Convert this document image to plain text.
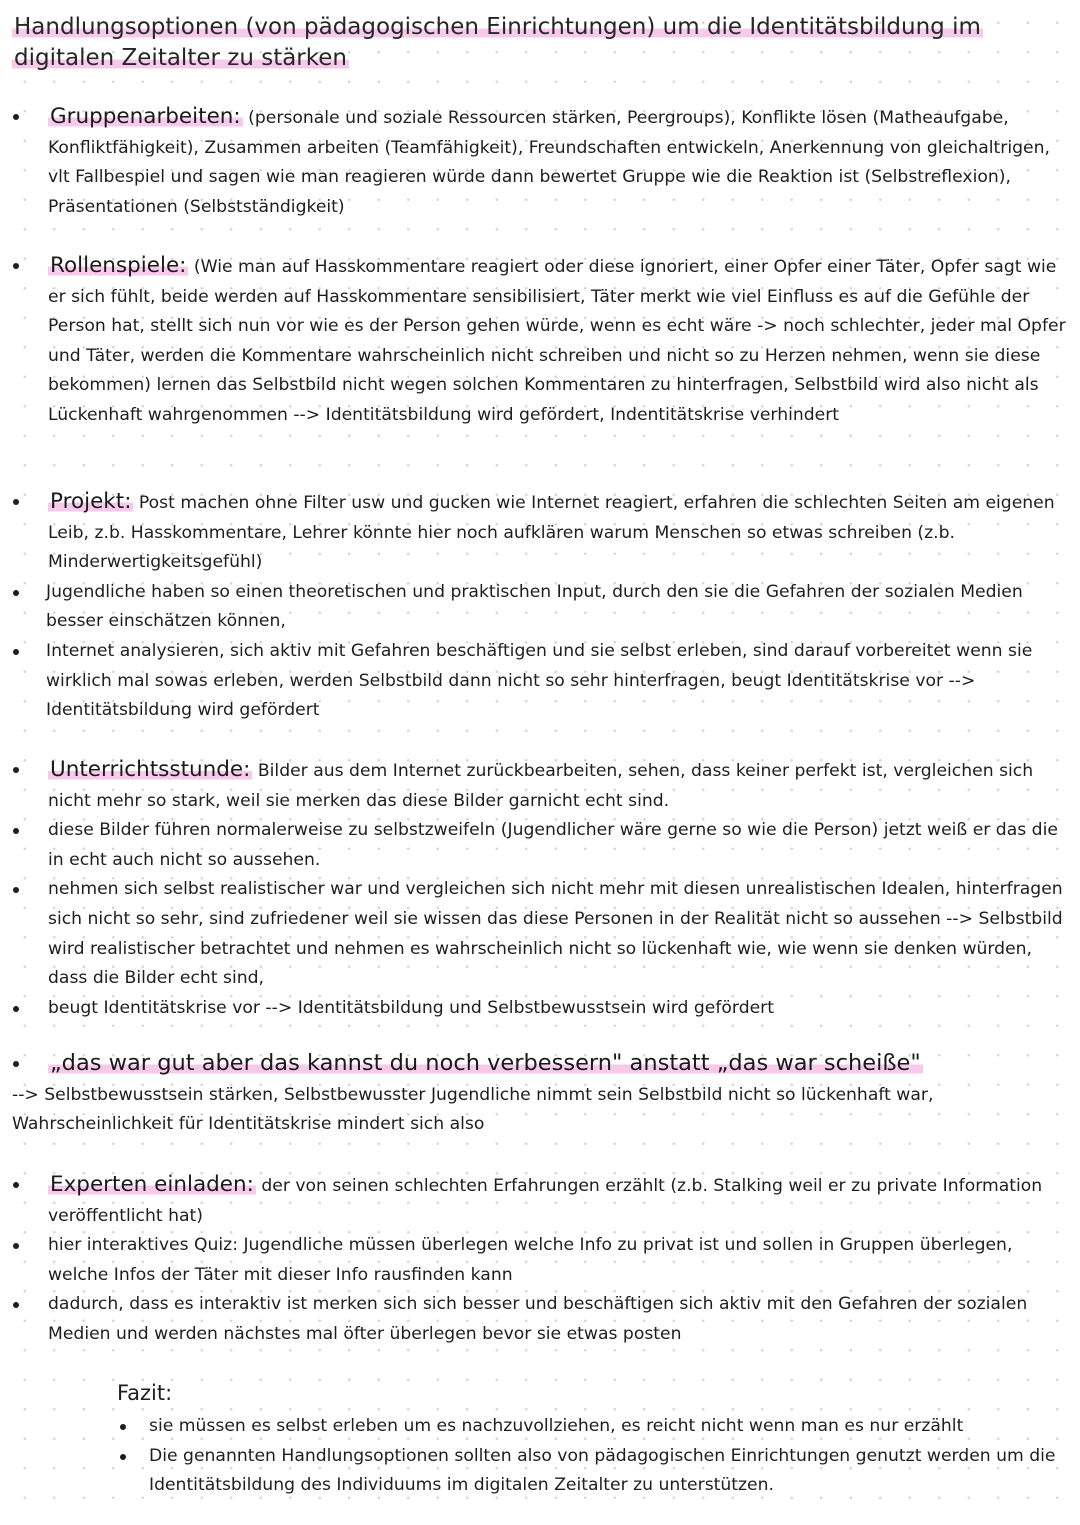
Handlungsoptionen (von pädagogischen Einrichtungen) um die Identitätsbildung im digitalen Zeitalter zu stärken
Gruppenarbeiten: (personale und soziale Ressourcen stärken, Peergroups), Konflikte lösen (Matheaufgabe, Konfliktfähigkeit), Zusammen arbeiten (Teamfähigkeit), Freundschaften entwickeln, Anerkennung von gleichaltrigen, vlt Fallbespiel und sagen wie man reagieren würde dann bewertet Gruppe wie die Reaktion ist (Selbstreflexion), Präsentationen (Selbstständigkeit)
Rollenspiele: (Wie man auf Hasskommentare reagiert oder diese ignoriert, einer Opfer einer Täter, Opfer sagt wie er sich fühlt, beide werden auf Hasskommentare sensibilisiert, Täter merkt wie viel Einfluss es auf die Gefühle der Person hat, stellt sich nun vor wie es der Person gehen würde, wenn es echt wäre -> noch schlechter, jeder mal Opfer und Täter, werden die Kommentare wahrscheinlich nicht schreiben und nicht so zu Herzen nehmen, wenn sie diese bekommen) lernen das Selbstbild nicht wegen solchen Kommentaren zu hinterfragen, Selbstbild wird also nicht als Lückenhaft wahrgenommen --> Identitätsbildung wird gefördert, Indentitätskrise verhindert
Projekt: Post machen ohne Filter usw und gucken wie Internet reagiert, erfahren die schlechten Seiten am eigenen Leib, z.b. Hasskommentare, Lehrer könnte hier noch aufklären warum Menschen so etwas schreiben (z.b. Minderwertigkeitsgefühl)
Jugendliche haben so einen theoretischen und praktischen Input, durch den sie die Gefahren der sozialen Medien besser einschätzen können,
Internet analysieren, sich aktiv mit Gefahren beschäftigen und sie selbst erleben, sind darauf vorbereitet wenn sie wirklich mal sowas erleben, werden Selbstbild dann nicht so sehr hinterfragen, beugt Identitätskrise vor --> Identitätsbildung wird gefördert
Unterrichtsstunde: Bilder aus dem Internet zurückbearbeiten, sehen, dass keiner perfekt ist, vergleichen sich nicht mehr so stark, weil sie merken das diese Bilder garnicht echt sind.
diese Bilder führen normalerweise zu selbstzweifeln (Jugendlicher wäre gerne so wie die Person) jetzt weiß er das die in echt auch nicht so aussehen.
nehmen sich selbst realistischer war und vergleichen sich nicht mehr mit diesen unrealistischen Idealen, hinterfragen sich nicht so sehr, sind zufriedener weil sie wissen das diese Personen in der Realität nicht so aussehen --> Selbstbild wird realistischer betrachtet und nehmen es wahrscheinlich nicht so lückenhaft wie, wie wenn sie denken würden, dass die Bilder echt sind,
beugt Identitätskrise vor --> Identitätsbildung und Selbstbewusstsein wird gefördert
„das war gut aber das kannst du noch verbessern" anstatt „das war scheiße"
--> Selbstbewusstsein stärken, Selbstbewusster Jugendliche nimmt sein Selbstbild nicht so lückenhaft war, Wahrscheinlichkeit für Identitätskrise mindert sich also
Experten einladen: der von seinen schlechten Erfahrungen erzählt (z.b. Stalking weil er zu private Information veröffentlicht hat)
hier interaktives Quiz: Jugendliche müssen überlegen welche Info zu privat ist und sollen in Gruppen überlegen, welche Infos der Täter mit dieser Info rausfinden kann
dadurch, dass es interaktiv ist merken sich sich besser und beschäftigen sich aktiv mit den Gefahren der sozialen Medien und werden nächstes mal öfter überlegen bevor sie etwas posten
Fazit:
sie müssen es selbst erleben um es nachzuvollziehen, es reicht nicht wenn man es nur erzählt
Die genannten Handlungsoptionen sollten also von pädagogischen Einrichtungen genutzt werden um die Identitätsbildung des Individuums im digitalen Zeitalter zu unterstützen.
